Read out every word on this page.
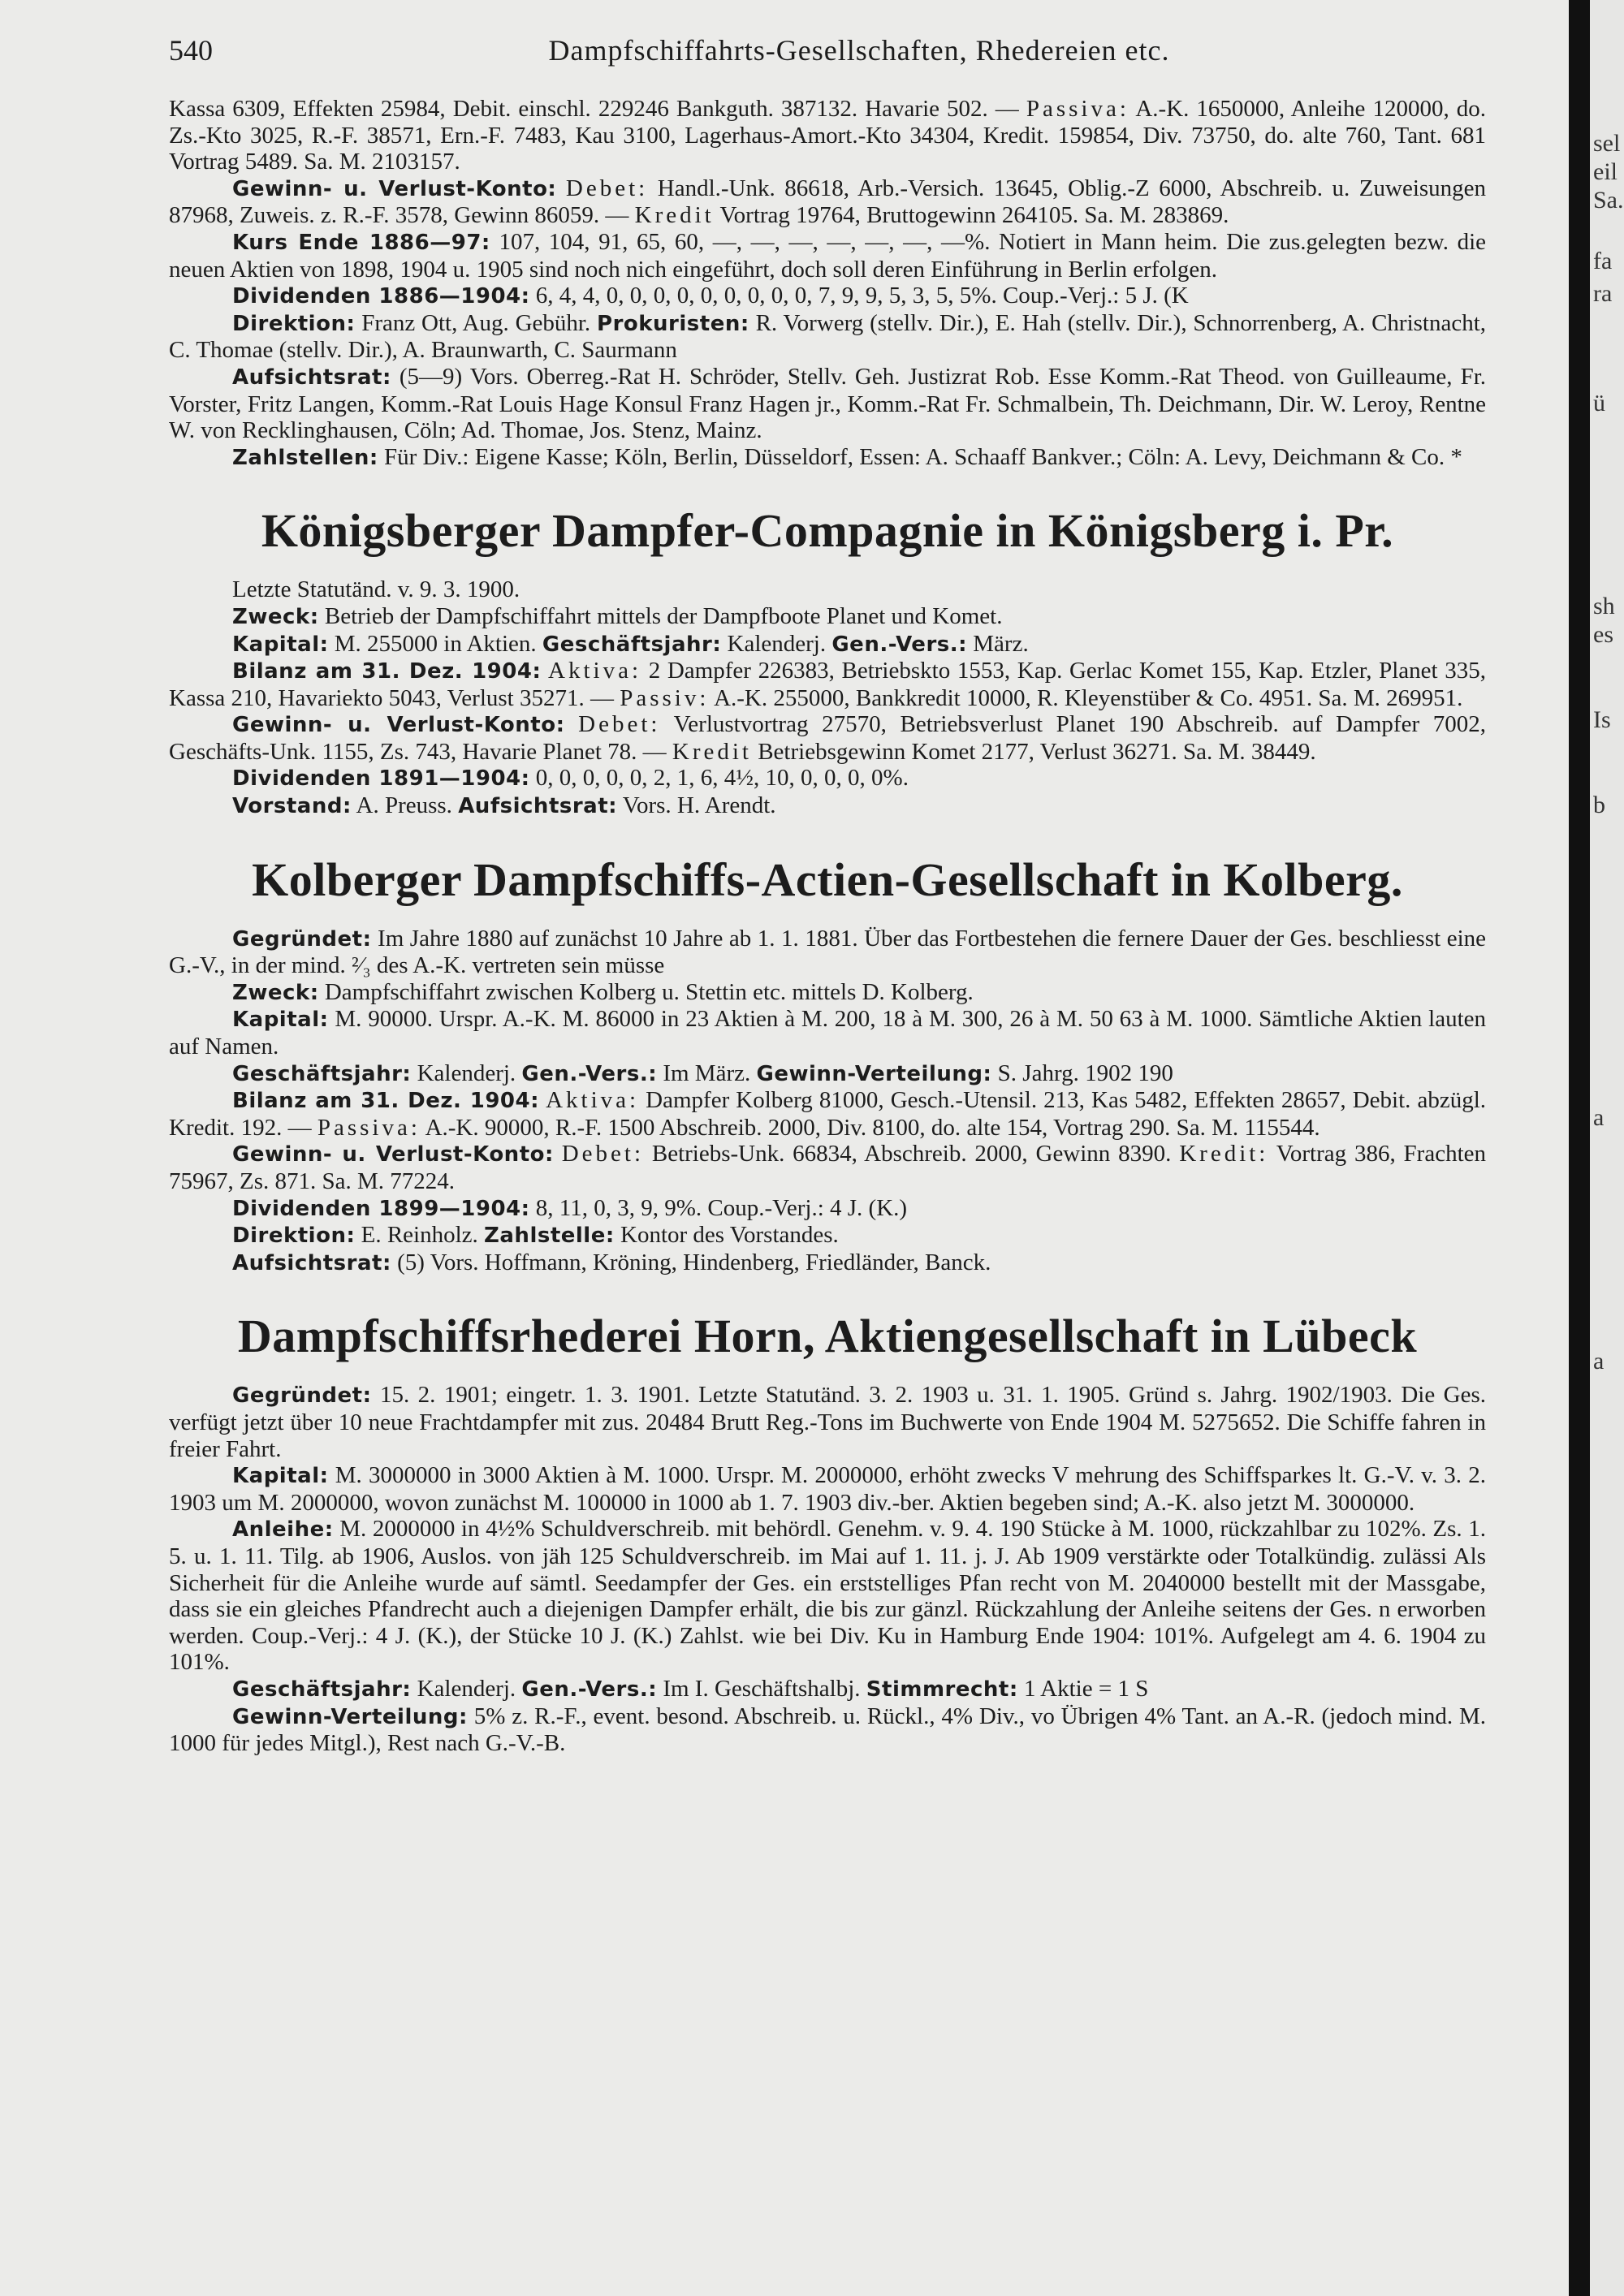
540	Dampfschiffahrts-Gesellschaften, Rhedereien etc.

Kassa 6309, Effekten 25984, Debit. einschl. 229246 Bankguth. 387132. Havarie 502. — Passiva: A.-K. 1650000, Anleihe 120000, do. Zs.-Kto 3025, R.-F. 38571, Ern.-F. 7483, Kau 3100, Lagerhaus-Amort.-Kto 34304, Kredit. 159854, Div. 73750, do. alte 760, Tant. 681 Vortrag 5489. Sa. M. 2103157.

Gewinn- u. Verlust-Konto: Debet: Handl.-Unk. 86618, Arb.-Versich. 13645, Oblig.-Z 6000, Abschreib. u. Zuweisungen 87968, Zuweis. z. R.-F. 3578, Gewinn 86059. — Kredit Vortrag 19764, Bruttogewinn 264105. Sa. M. 283869.

Kurs Ende 1886—97: 107, 104, 91, 65, 60, —, —, —, —, —, —, —%. Notiert in Mann heim. Die zus.gelegten bezw. die neuen Aktien von 1898, 1904 u. 1905 sind noch nich eingeführt, doch soll deren Einführung in Berlin erfolgen.

Dividenden 1886—1904: 6, 4, 4, 0, 0, 0, 0, 0, 0, 0, 0, 0, 7, 9, 9, 5, 3, 5, 5%. Coup.-Verj.: 5 J. (K

Direktion: Franz Ott, Aug. Gebühr. Prokuristen: R. Vorwerg (stellv. Dir.), E. Hah (stellv. Dir.), Schnorrenberg, A. Christnacht, C. Thomae (stellv. Dir.), A. Braunwarth, C. Saurmann

Aufsichtsrat: (5—9) Vors. Oberreg.-Rat H. Schröder, Stellv. Geh. Justizrat Rob. Esse Komm.-Rat Theod. von Guilleaume, Fr. Vorster, Fritz Langen, Komm.-Rat Louis Hage Konsul Franz Hagen jr., Komm.-Rat Fr. Schmalbein, Th. Deichmann, Dir. W. Leroy, Rentne W. von Recklinghausen, Cöln; Ad. Thomae, Jos. Stenz, Mainz.

Zahlstellen: Für Div.: Eigene Kasse; Köln, Berlin, Düsseldorf, Essen: A. Schaaff Bankver.; Cöln: A. Levy, Deichmann & Co. *

Königsberger Dampfer-Compagnie in Königsberg i. Pr.

Letzte Statutänd. v. 9. 3. 1900.

Zweck: Betrieb der Dampfschiffahrt mittels der Dampfboote Planet und Komet.

Kapital: M. 255000 in Aktien. Geschäftsjahr: Kalenderj. Gen.-Vers.: März.

Bilanz am 31. Dez. 1904: Aktiva: 2 Dampfer 226383, Betriebskto 1553, Kap. Gerlac Komet 155, Kap. Etzler, Planet 335, Kassa 210, Havariekto 5043, Verlust 35271. — Passiv: A.-K. 255000, Bankkredit 10000, R. Kleyenstüber & Co. 4951. Sa. M. 269951.

Gewinn- u. Verlust-Konto: Debet: Verlustvortrag 27570, Betriebsverlust Planet 190 Abschreib. auf Dampfer 7002, Geschäfts-Unk. 1155, Zs. 743, Havarie Planet 78. — Kredit Betriebsgewinn Komet 2177, Verlust 36271. Sa. M. 38449.

Dividenden 1891—1904: 0, 0, 0, 0, 0, 2, 1, 6, 4½, 10, 0, 0, 0, 0%.

Vorstand: A. Preuss. Aufsichtsrat: Vors. H. Arendt.

Kolberger Dampfschiffs-Actien-Gesellschaft in Kolberg.

Gegründet: Im Jahre 1880 auf zunächst 10 Jahre ab 1. 1. 1881. Über das Fortbestehen die fernere Dauer der Ges. beschliesst eine G.-V., in der mind. ²⁄₃ des A.-K. vertreten sein müsse

Zweck: Dampfschiffahrt zwischen Kolberg u. Stettin etc. mittels D. Kolberg.

Kapital: M. 90000. Urspr. A.-K. M. 86000 in 23 Aktien à M. 200, 18 à M. 300, 26 à M. 50 63 à M. 1000. Sämtliche Aktien lauten auf Namen.

Geschäftsjahr: Kalenderj. Gen.-Vers.: Im März. Gewinn-Verteilung: S. Jahrg. 1902 190

Bilanz am 31. Dez. 1904: Aktiva: Dampfer Kolberg 81000, Gesch.-Utensil. 213, Kas 5482, Effekten 28657, Debit. abzügl. Kredit. 192. — Passiva: A.-K. 90000, R.-F. 1500 Abschreib. 2000, Div. 8100, do. alte 154, Vortrag 290. Sa. M. 115544.

Gewinn- u. Verlust-Konto: Debet: Betriebs-Unk. 66834, Abschreib. 2000, Gewinn 8390. Kredit: Vortrag 386, Frachten 75967, Zs. 871. Sa. M. 77224.

Dividenden 1899—1904: 8, 11, 0, 3, 9, 9%. Coup.-Verj.: 4 J. (K.)

Direktion: E. Reinholz. Zahlstelle: Kontor des Vorstandes.

Aufsichtsrat: (5) Vors. Hoffmann, Kröning, Hindenberg, Friedländer, Banck.

Dampfschiffsrhederei Horn, Aktiengesellschaft in Lübeck

Gegründet: 15. 2. 1901; eingetr. 1. 3. 1901. Letzte Statutänd. 3. 2. 1903 u. 31. 1. 1905. Gründ s. Jahrg. 1902/1903. Die Ges. verfügt jetzt über 10 neue Frachtdampfer mit zus. 20484 Brutt Reg.-Tons im Buchwerte von Ende 1904 M. 5275652. Die Schiffe fahren in freier Fahrt.

Kapital: M. 3000000 in 3000 Aktien à M. 1000. Urspr. M. 2000000, erhöht zwecks V mehrung des Schiffsparkes lt. G.-V. v. 3. 2. 1903 um M. 2000000, wovon zunächst M. 100000 in 1000 ab 1. 7. 1903 div.-ber. Aktien begeben sind; A.-K. also jetzt M. 3000000.

Anleihe: M. 2000000 in 4½% Schuldverschreib. mit behördl. Genehm. v. 9. 4. 190 Stücke à M. 1000, rückzahlbar zu 102%. Zs. 1. 5. u. 1. 11. Tilg. ab 1906, Auslos. von jäh 125 Schuldverschreib. im Mai auf 1. 11. j. J. Ab 1909 verstärkte oder Totalkündig. zulässi Als Sicherheit für die Anleihe wurde auf sämtl. Seedampfer der Ges. ein erststelliges Pfan recht von M. 2040000 bestellt mit der Massgabe, dass sie ein gleiches Pfandrecht auch a diejenigen Dampfer erhält, die bis zur gänzl. Rückzahlung der Anleihe seitens der Ges. n erworben werden. Coup.-Verj.: 4 J. (K.), der Stücke 10 J. (K.) Zahlst. wie bei Div. Ku in Hamburg Ende 1904: 101%. Aufgelegt am 4. 6. 1904 zu 101%.

Geschäftsjahr: Kalenderj. Gen.-Vers.: Im I. Geschäftshalbj. Stimmrecht: 1 Aktie = 1 S

Gewinn-Verteilung: 5% z. R.-F., event. besond. Abschreib. u. Rückl., 4% Div., vo Übrigen 4% Tant. an A.-R. (jedoch mind. M. 1000 für jedes Mitgl.), Rest nach G.-V.-B.

sel
eil
Sa.
fa
ra
ü
sh
es
Is
b
a
a
